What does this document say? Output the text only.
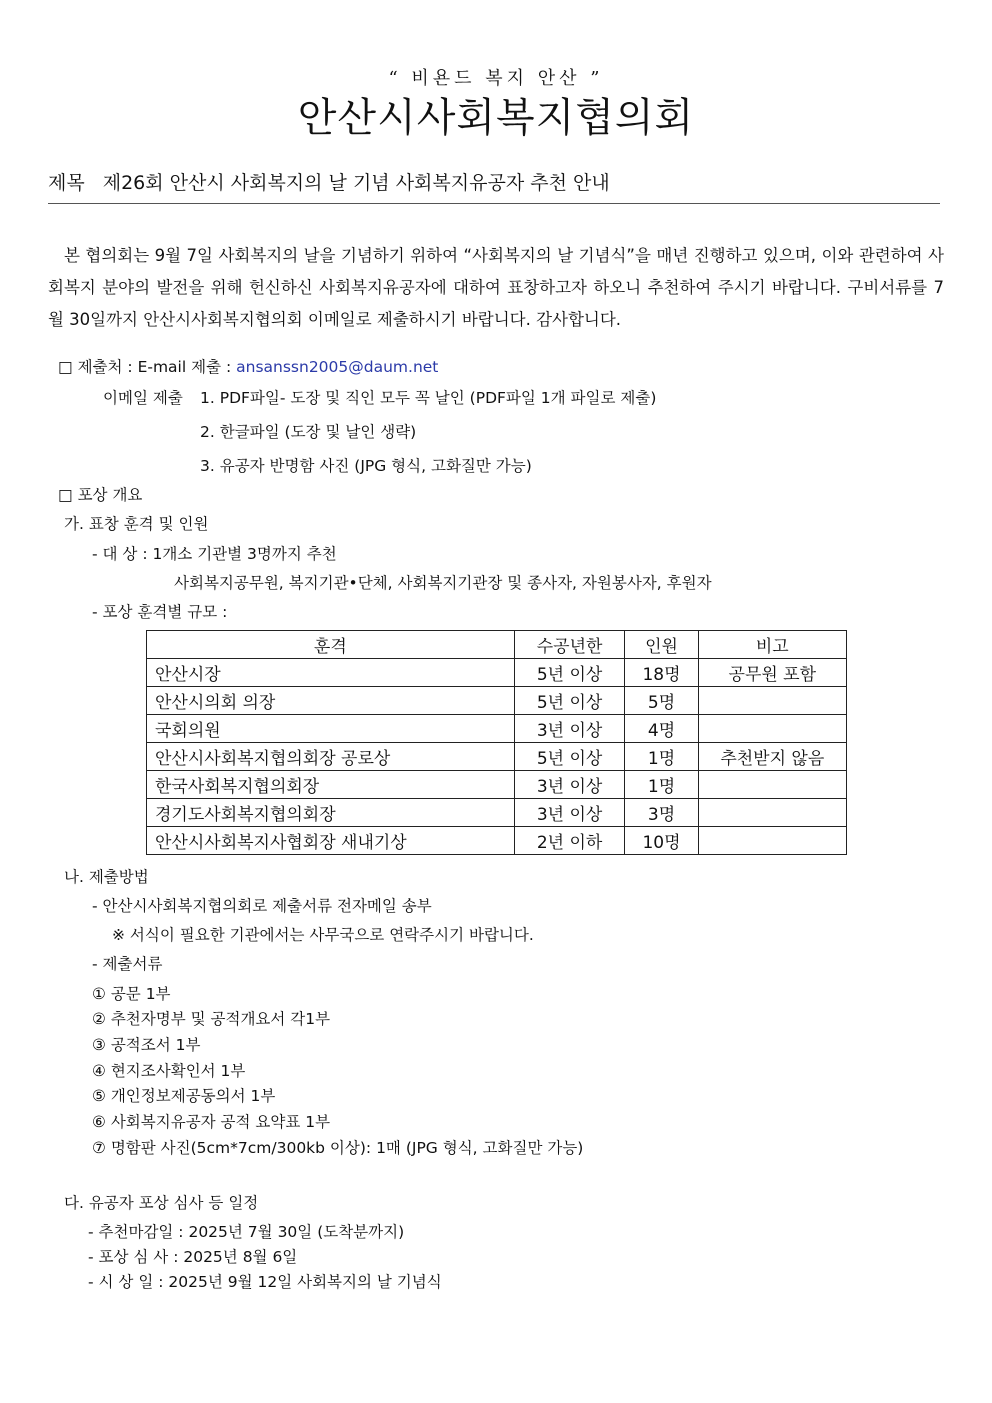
“ 비욘드 복지 안산 ”
안산시사회복지협의회
제목 제26회 안산시 사회복지의 날 기념 사회복지유공자 추천 안내
본 협의회는 9월 7일 사회복지의 날을 기념하기 위하여 “사회복지의 날 기념식”을 매년 진행하고 있으며, 이와 관련하여 사회복지 분야의 발전을 위해 헌신하신 사회복지유공자에 대하여 표창하고자 하오니 추천하여 주시기 바랍니다. 구비서류를 7월 30일까지 안산시사회복지협의회 이메일로 제출하시기 바랍니다. 감사합니다.
□ 제출처 : E-mail 제출 : ansanssn2005@daum.net
이메일 제출 1. PDF파일- 도장 및 직인 모두 꼭 날인 (PDF파일 1개 파일로 제출)
2. 한글파일 (도장 및 날인 생략)
3. 유공자 반명함 사진 (JPG 형식, 고화질만 가능)
□ 포상 개요
가. 표창 훈격 및 인원
- 대 상 : 1개소 기관별 3명까지 추천
사회복지공무원, 복지기관•단체, 사회복지기관장 및 종사자, 자원봉사자, 후원자
- 포상 훈격별 규모 :
훈격	수공년한	인원	비고
안산시장	5년 이상	18명	공무원 포함
안산시의회 의장	5년 이상	5명	
국회의원	3년 이상	4명	
안산시사회복지협의회장 공로상	5년 이상	1명	추천받지 않음
한국사회복지협의회장	3년 이상	1명	
경기도사회복지협의회장	3년 이상	3명	
안산시사회복지사협회장 새내기상	2년 이하	10명	
나. 제출방법
- 안산시사회복지협의회로 제출서류 전자메일 송부
※ 서식이 필요한 기관에서는 사무국으로 연락주시기 바랍니다.
- 제출서류
① 공문 1부
② 추천자명부 및 공적개요서 각1부
③ 공적조서 1부
④ 현지조사확인서 1부
⑤ 개인정보제공동의서 1부
⑥ 사회복지유공자 공적 요약표 1부
⑦ 명함판 사진(5cm*7cm/300kb 이상): 1매 (JPG 형식, 고화질만 가능)
다. 유공자 포상 심사 등 일정
- 추천마감일 : 2025년 7월 30일 (도착분까지)
- 포상 심 사 : 2025년 8월 6일
- 시 상 일 : 2025년 9월 12일 사회복지의 날 기념식
